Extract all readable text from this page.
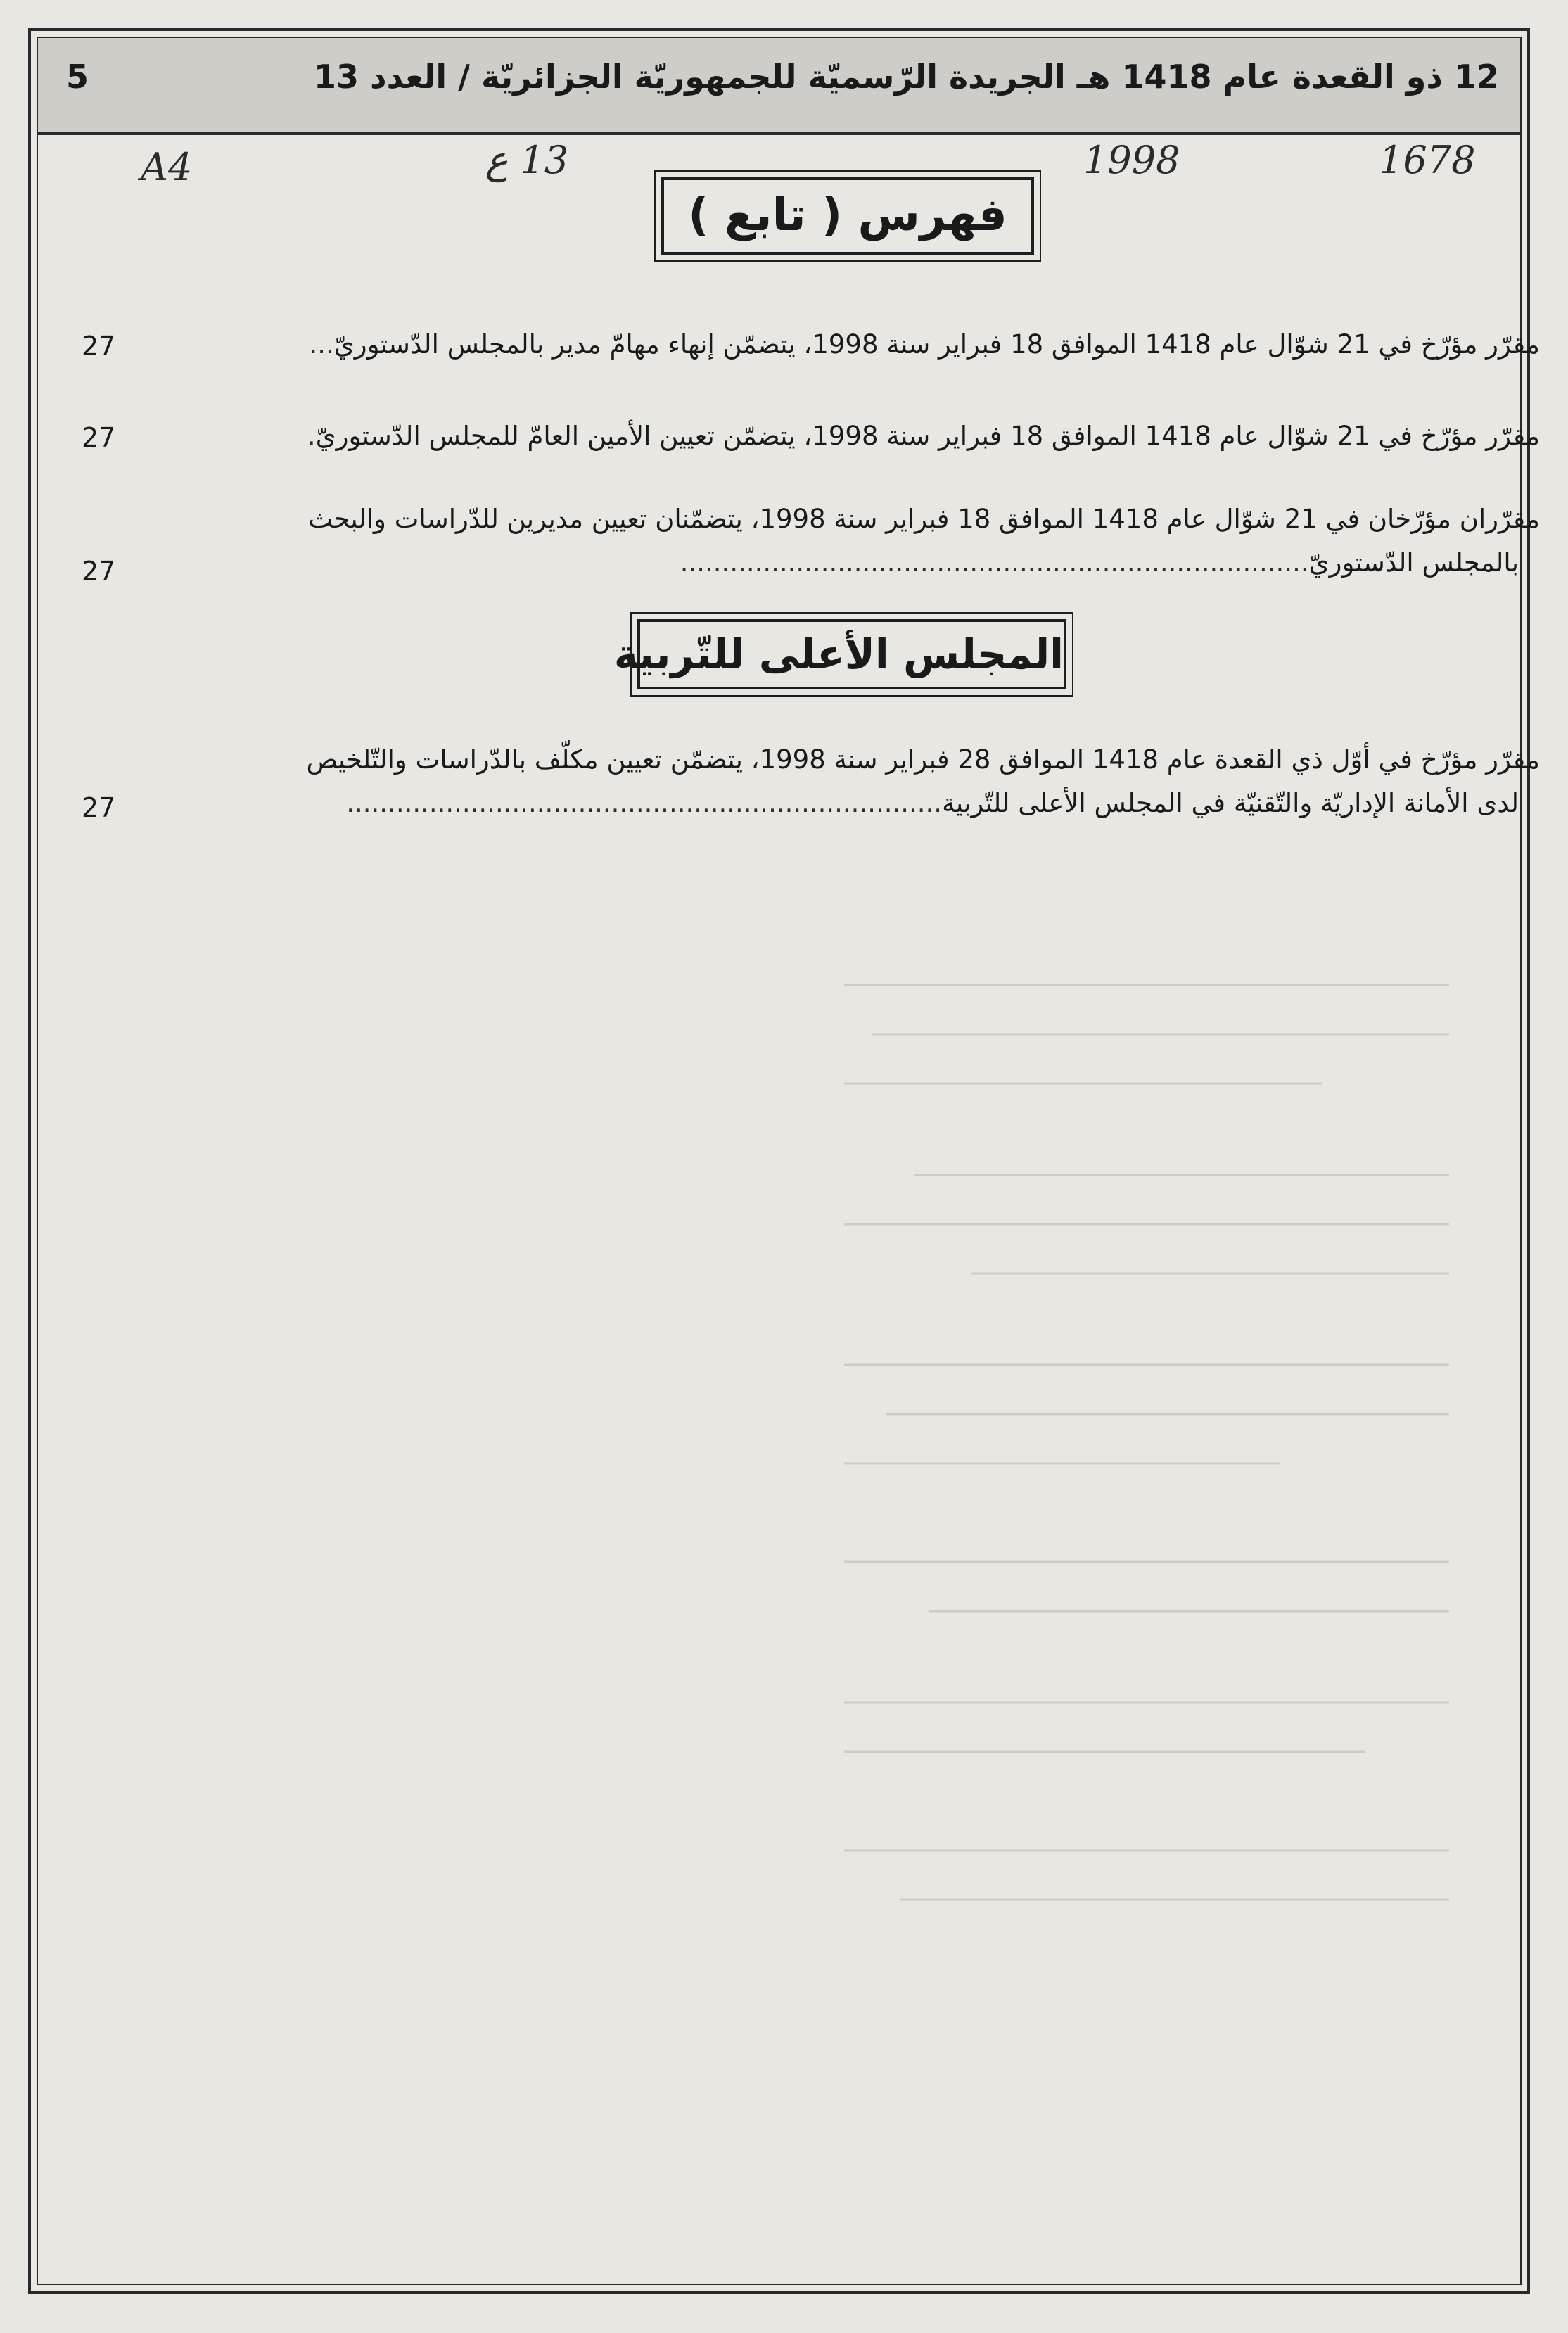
12 ذو القعدة عام 1418 هـ الجريدة الرّسميّة للجمهوريّة الجزائريّة / العدد 13
5
A4	13 ع	1998	1678
فهرس ( تابع )
مقرّر مؤرّخ في 21 شوّال عام 1418 الموافق 18 فبراير سنة 1998، يتضمّن إنهاء مهامّ مدير بالمجلس الدّستوريّ...
27
مقرّر مؤرّخ في 21 شوّال عام 1418 الموافق 18 فبراير سنة 1998، يتضمّن تعيين الأمين العامّ للمجلس الدّستوريّ.
27
مقرّران مؤرّخان في 21 شوّال عام 1418 الموافق 18 فبراير سنة 1998، يتضمّنان تعيين مديرين للدّراسات والبحث
بالمجلس الدّستوريّ............................................................................
27
المجلس الأعلى للتّربية
مقرّر مؤرّخ في أوّل ذي القعدة عام 1418 الموافق 28 فبراير سنة 1998، يتضمّن تعيين مكلّف بالدّراسات والتّلخيص
لدى الأمانة الإداريّة والتّقنيّة في المجلس الأعلى للتّربية........................................................................
27
